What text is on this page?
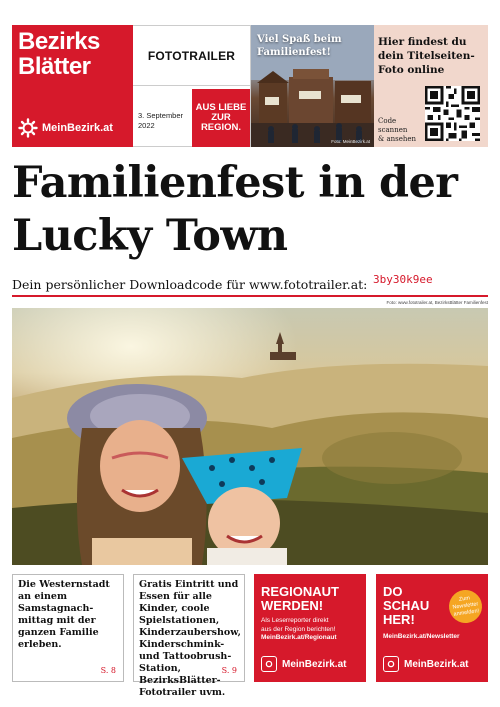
Bezirks
Blätter
MeinBezirk.at
FOTOTRAILER
3. September
2022
AUS LIEBE
ZUR
REGION.
Viel Spaß beim
Familienfest!
Foto: MeinBezirk.at
Hier findest du
dein Titelseiten-
Foto online
Code
scannen
& ansehen
Familienfest in der
Lucky Town
Dein persönlicher Downloadcode für www.fototrailer.at: 3by30k9ee
Foto: www.fototrailer.at, BezirksBlätter Familienfest
Die Westernstadt an einem Samstagnach-mittag mit der ganzen Familie erleben.
S. 8
Gratis Eintritt und Essen für alle Kinder, coole Spielstationen, Kinderzaubershow, Kinderschmink- und Tattoobrush-Station, BezirksBlätter-Fototrailer uvm.
S. 9
REGIONAUT
WERDEN!
Als Leserreporter direkt
aus der Region berichten!
MeinBezirk.at/Regionaut
MeinBezirk.at
DO
SCHAU
HER!
Zum
Newsletter
anmelden!
MeinBezirk.at/Newsletter
MeinBezirk.at
